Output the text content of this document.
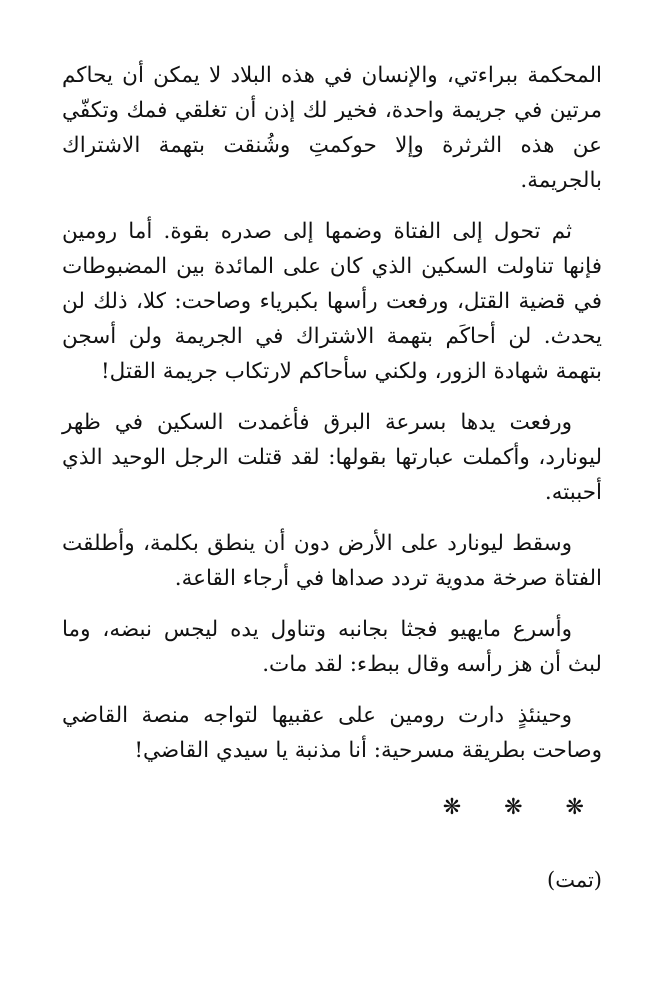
المحكمة ببراءتي، والإنسان في هذه البلاد لا يمكن أن يحاكم مرتين في جريمة واحدة، فخير لك إذن أن تغلقي فمك وتكفّي عن هذه الثرثرة وإلا حوكمتِ وشُنقت بتهمة الاشتراك بالجريمة.

ثم تحول إلى الفتاة وضمها إلى صدره بقوة. أما رومين فإنها تناولت السكين الذي كان على المائدة بين المضبوطات في قضية القتل، ورفعت رأسها بكبرياء وصاحت: كلا، ذلك لن يحدث. لن أحاكَم بتهمة الاشتراك في الجريمة ولن أسجن بتهمة شهادة الزور، ولكني سأحاكم لارتكاب جريمة القتل!

ورفعت يدها بسرعة البرق فأغمدت السكين في ظهر ليونارد، وأكملت عبارتها بقولها: لقد قتلت الرجل الوحيد الذي أحببته.

وسقط ليونارد على الأرض دون أن ينطق بكلمة، وأطلقت الفتاة صرخة مدوية تردد صداها في أرجاء القاعة.

وأسرع مايهيو فجثا بجانبه وتناول يده ليجس نبضه، وما لبث أن هز رأسه وقال ببطء: لقد مات.

وحينئذٍ دارت رومين على عقبيها لتواجه منصة القاضي وصاحت بطريقة مسرحية: أنا مذنبة يا سيدي القاضي!

❋ ❋ ❋
(تمت)
